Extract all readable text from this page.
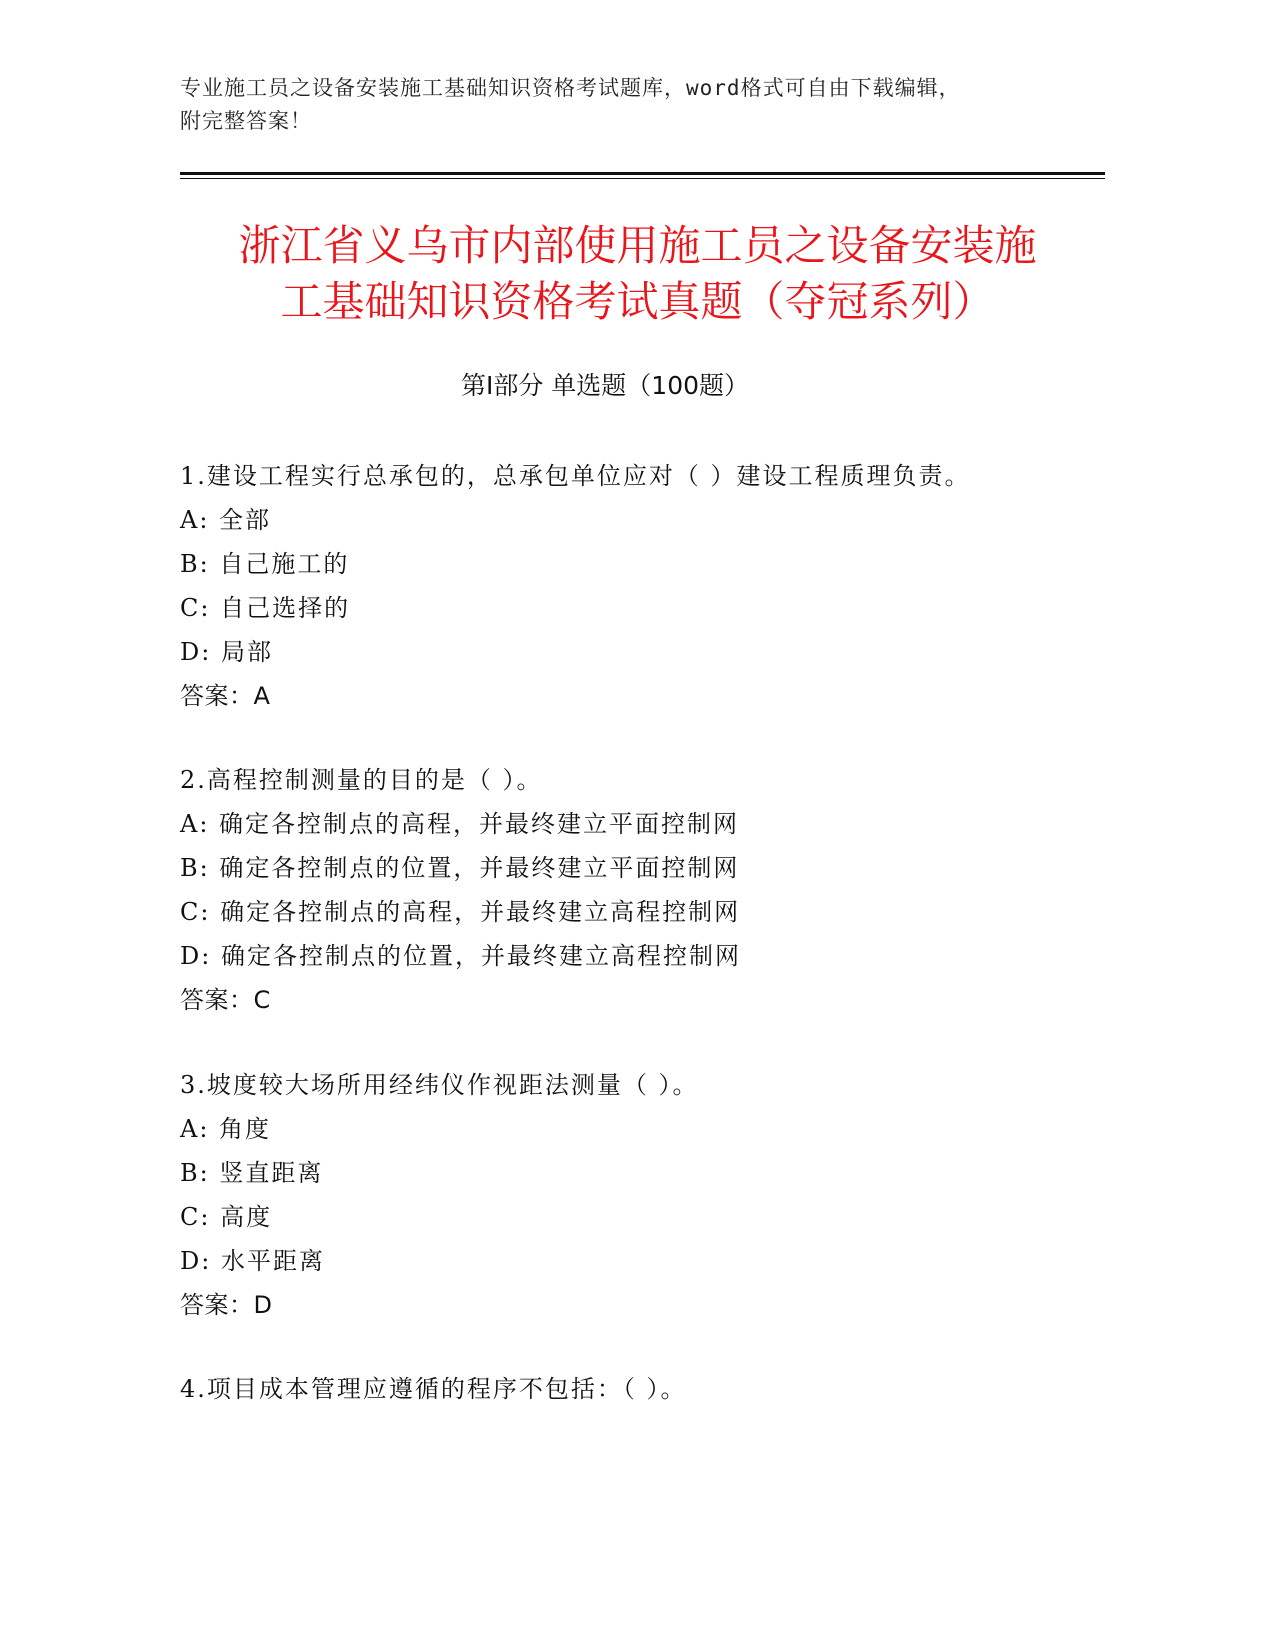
专业施工员之设备安装施工基础知识资格考试题库，word格式可自由下载编辑，
附完整答案！
浙江省义乌市内部使用施工员之设备安装施
工基础知识资格考试真题（夺冠系列）
第Ⅰ部分 单选题（100题）
1.建设工程实行总承包的，总承包单位应对（ ）建设工程质理负责。
A: 全部
B: 自己施工的
C: 自己选择的
D: 局部
答案：A
2.高程控制测量的目的是（ ）。
A: 确定各控制点的高程，并最终建立平面控制网
B: 确定各控制点的位置，并最终建立平面控制网
C: 确定各控制点的高程，并最终建立高程控制网
D: 确定各控制点的位置，并最终建立高程控制网
答案：C
3.坡度较大场所用经纬仪作视距法测量（ ）。
A: 角度
B: 竖直距离
C: 高度
D: 水平距离
答案：D
4.项目成本管理应遵循的程序不包括：（ ）。
